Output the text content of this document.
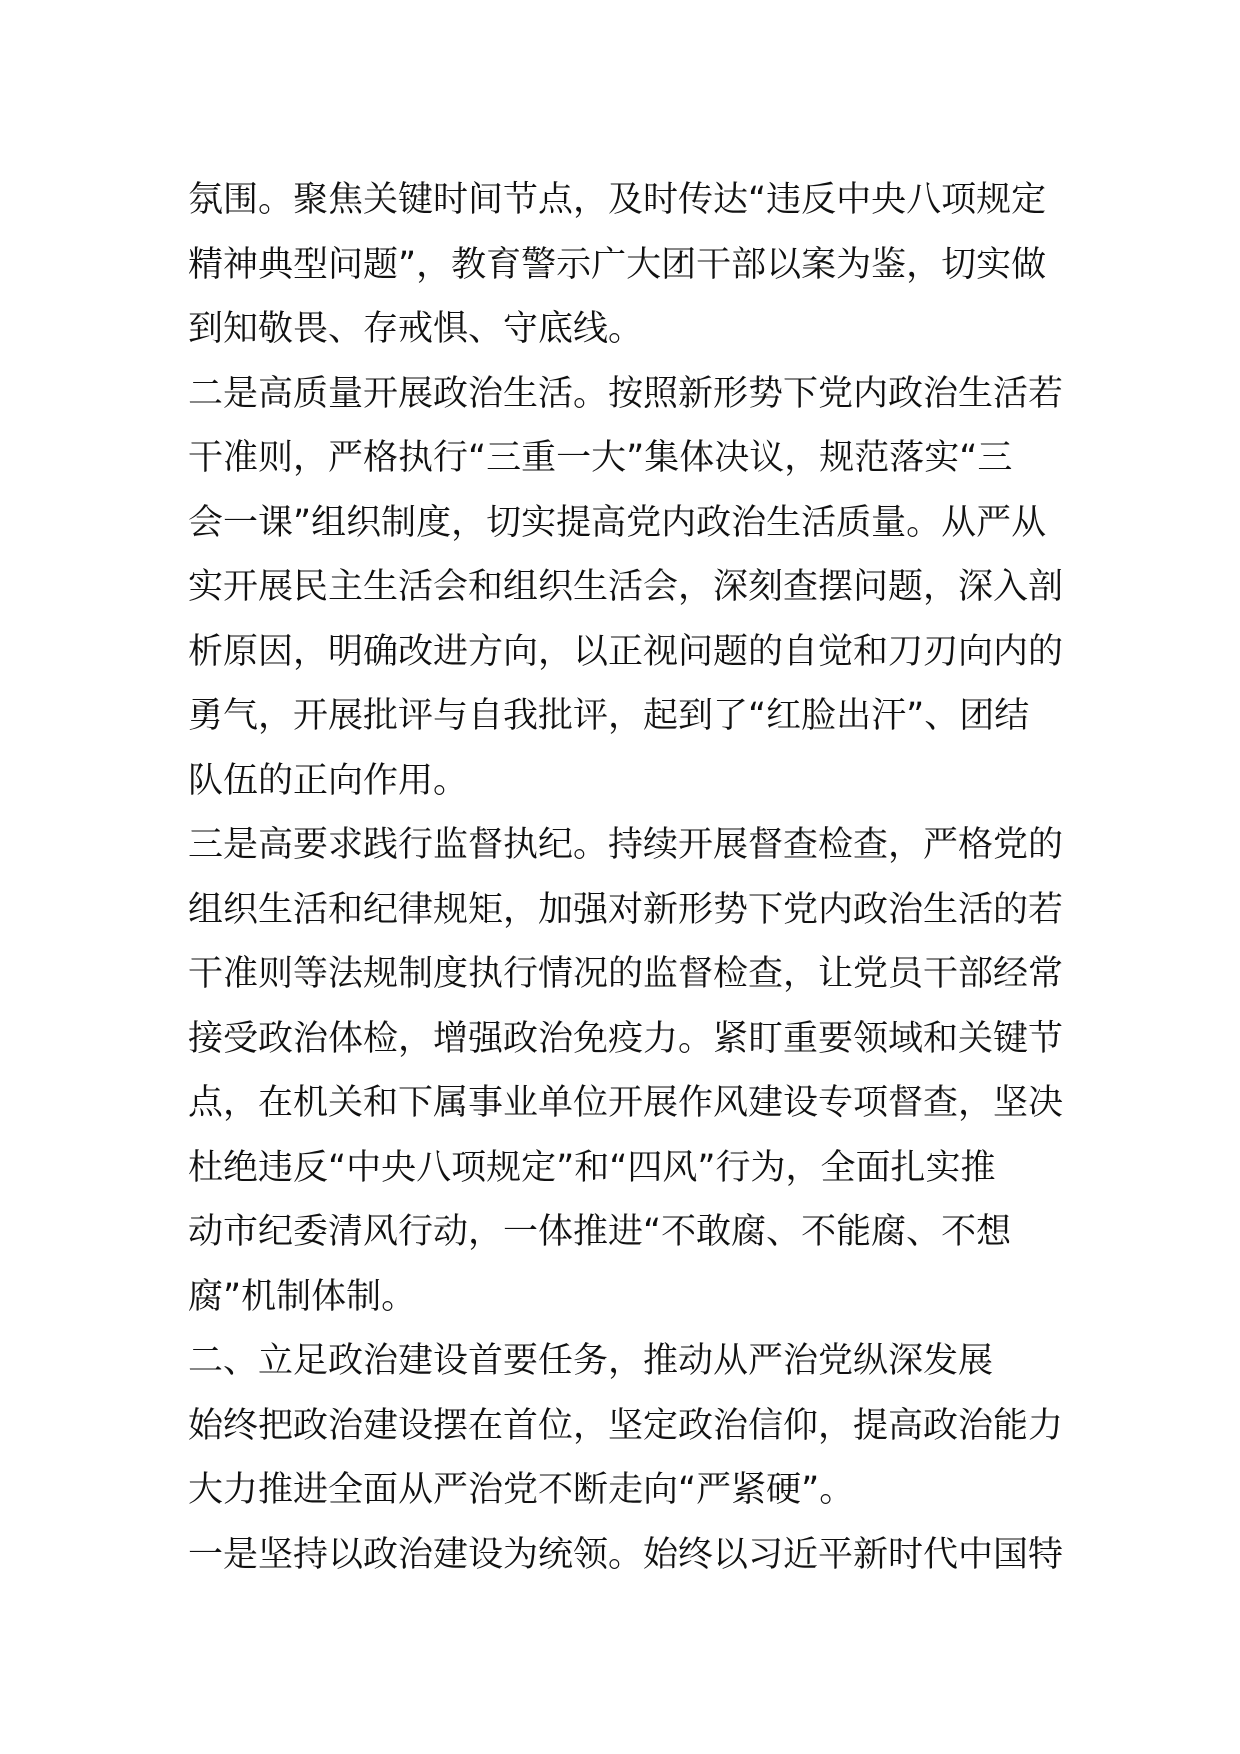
氛围。聚焦关键时间节点，及时传达“违反中央八项规定
精神典型问题”，教育警示广大团干部以案为鉴，切实做
到知敬畏、存戒惧、守底线。
二是高质量开展政治生活。按照新形势下党内政治生活若
干准则，严格执行“三重一大”集体决议，规范落实“三
会一课”组织制度，切实提高党内政治生活质量。从严从
实开展民主生活会和组织生活会，深刻查摆问题，深入剖
析原因，明确改进方向，以正视问题的自觉和刀刃向内的
勇气，开展批评与自我批评，起到了“红脸出汗”、团结
队伍的正向作用。
三是高要求践行监督执纪。持续开展督查检查，严格党的
组织生活和纪律规矩，加强对新形势下党内政治生活的若
干准则等法规制度执行情况的监督检查，让党员干部经常
接受政治体检，增强政治免疫力。紧盯重要领域和关键节
点，在机关和下属事业单位开展作风建设专项督查，坚决
杜绝违反“中央八项规定”和“四风”行为，全面扎实推
动市纪委清风行动，一体推进“不敢腐、不能腐、不想
腐”机制体制。
二、立足政治建设首要任务，推动从严治党纵深发展
始终把政治建设摆在首位，坚定政治信仰，提高政治能力
大力推进全面从严治党不断走向“严紧硬”。
一是坚持以政治建设为统领。始终以习近平新时代中国特
